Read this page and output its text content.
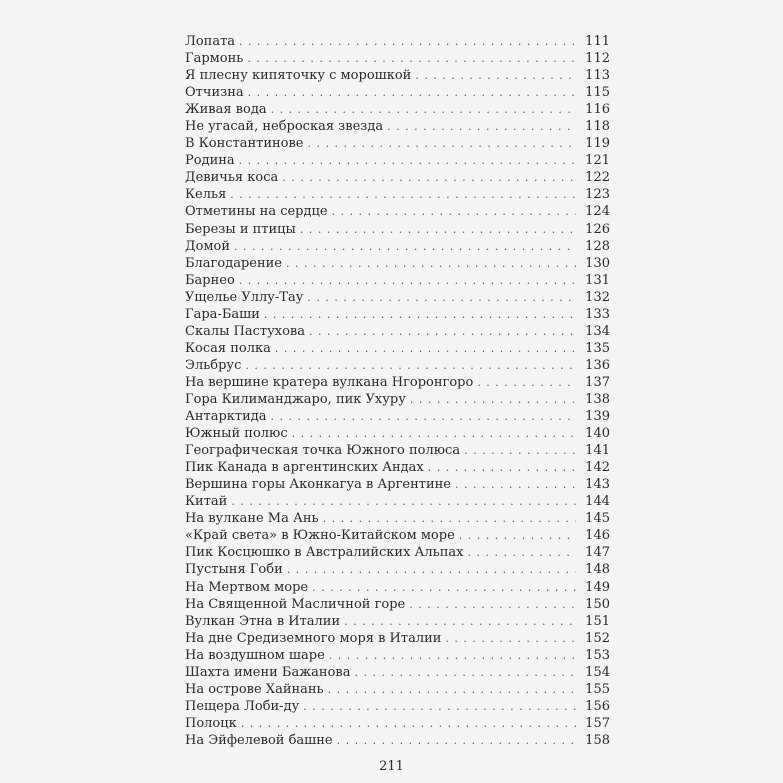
Лопата . . .	111
Гармонь . . .	112
Я плесну кипяточку с морошкой . . .	113
Отчизна . . .	115
Живая вода . . .	116
Не угасай, неброская звезда . . .	118
В Константинове . . .	119
Родина . . .	121
Девичья коса . . .	122
Келья . . .	123
Отметины на сердце . . .	124
Березы и птицы . . .	126
Домой . . .	128
Благодарение . . .	130
Барнео . . .	131
Ущелье Уллу-Тау . . .	132
Гара-Баши . . .	133
Скалы Пастухова . . .	134
Косая полка . . .	135
Эльбрус . . .	136
На вершине кратера вулкана Нгоронгоро . . .	137
Гора Килиманджаро, пик Ухуру . . .	138
Антарктида . . .	139
Южный полюс . . .	140
Географическая точка Южного полюса . . .	141
Пик Канада в аргентинских Андах . . .	142
Вершина горы Аконкагуа в Аргентине . . .	143
Китай . . .	144
На вулкане Ма Ань . . .	145
«Край света» в Южно-Китайском море . . .	146
Пик Косцюшко в Австралийских Альпах . . .	147
Пустыня Гоби . . .	148
На Мертвом море . . .	149
На Священной Масличной горе . . .	150
Вулкан Этна в Италии . . .	151
На дне Средиземного моря в Италии . . .	152
На воздушном шаре . . .	153
Шахта имени Бажанова . . .	154
На острове Хайнань . . .	155
Пещера Лоби-ду . . .	156
Полоцк . . .	157
На Эйфелевой башне . . .	158
211
